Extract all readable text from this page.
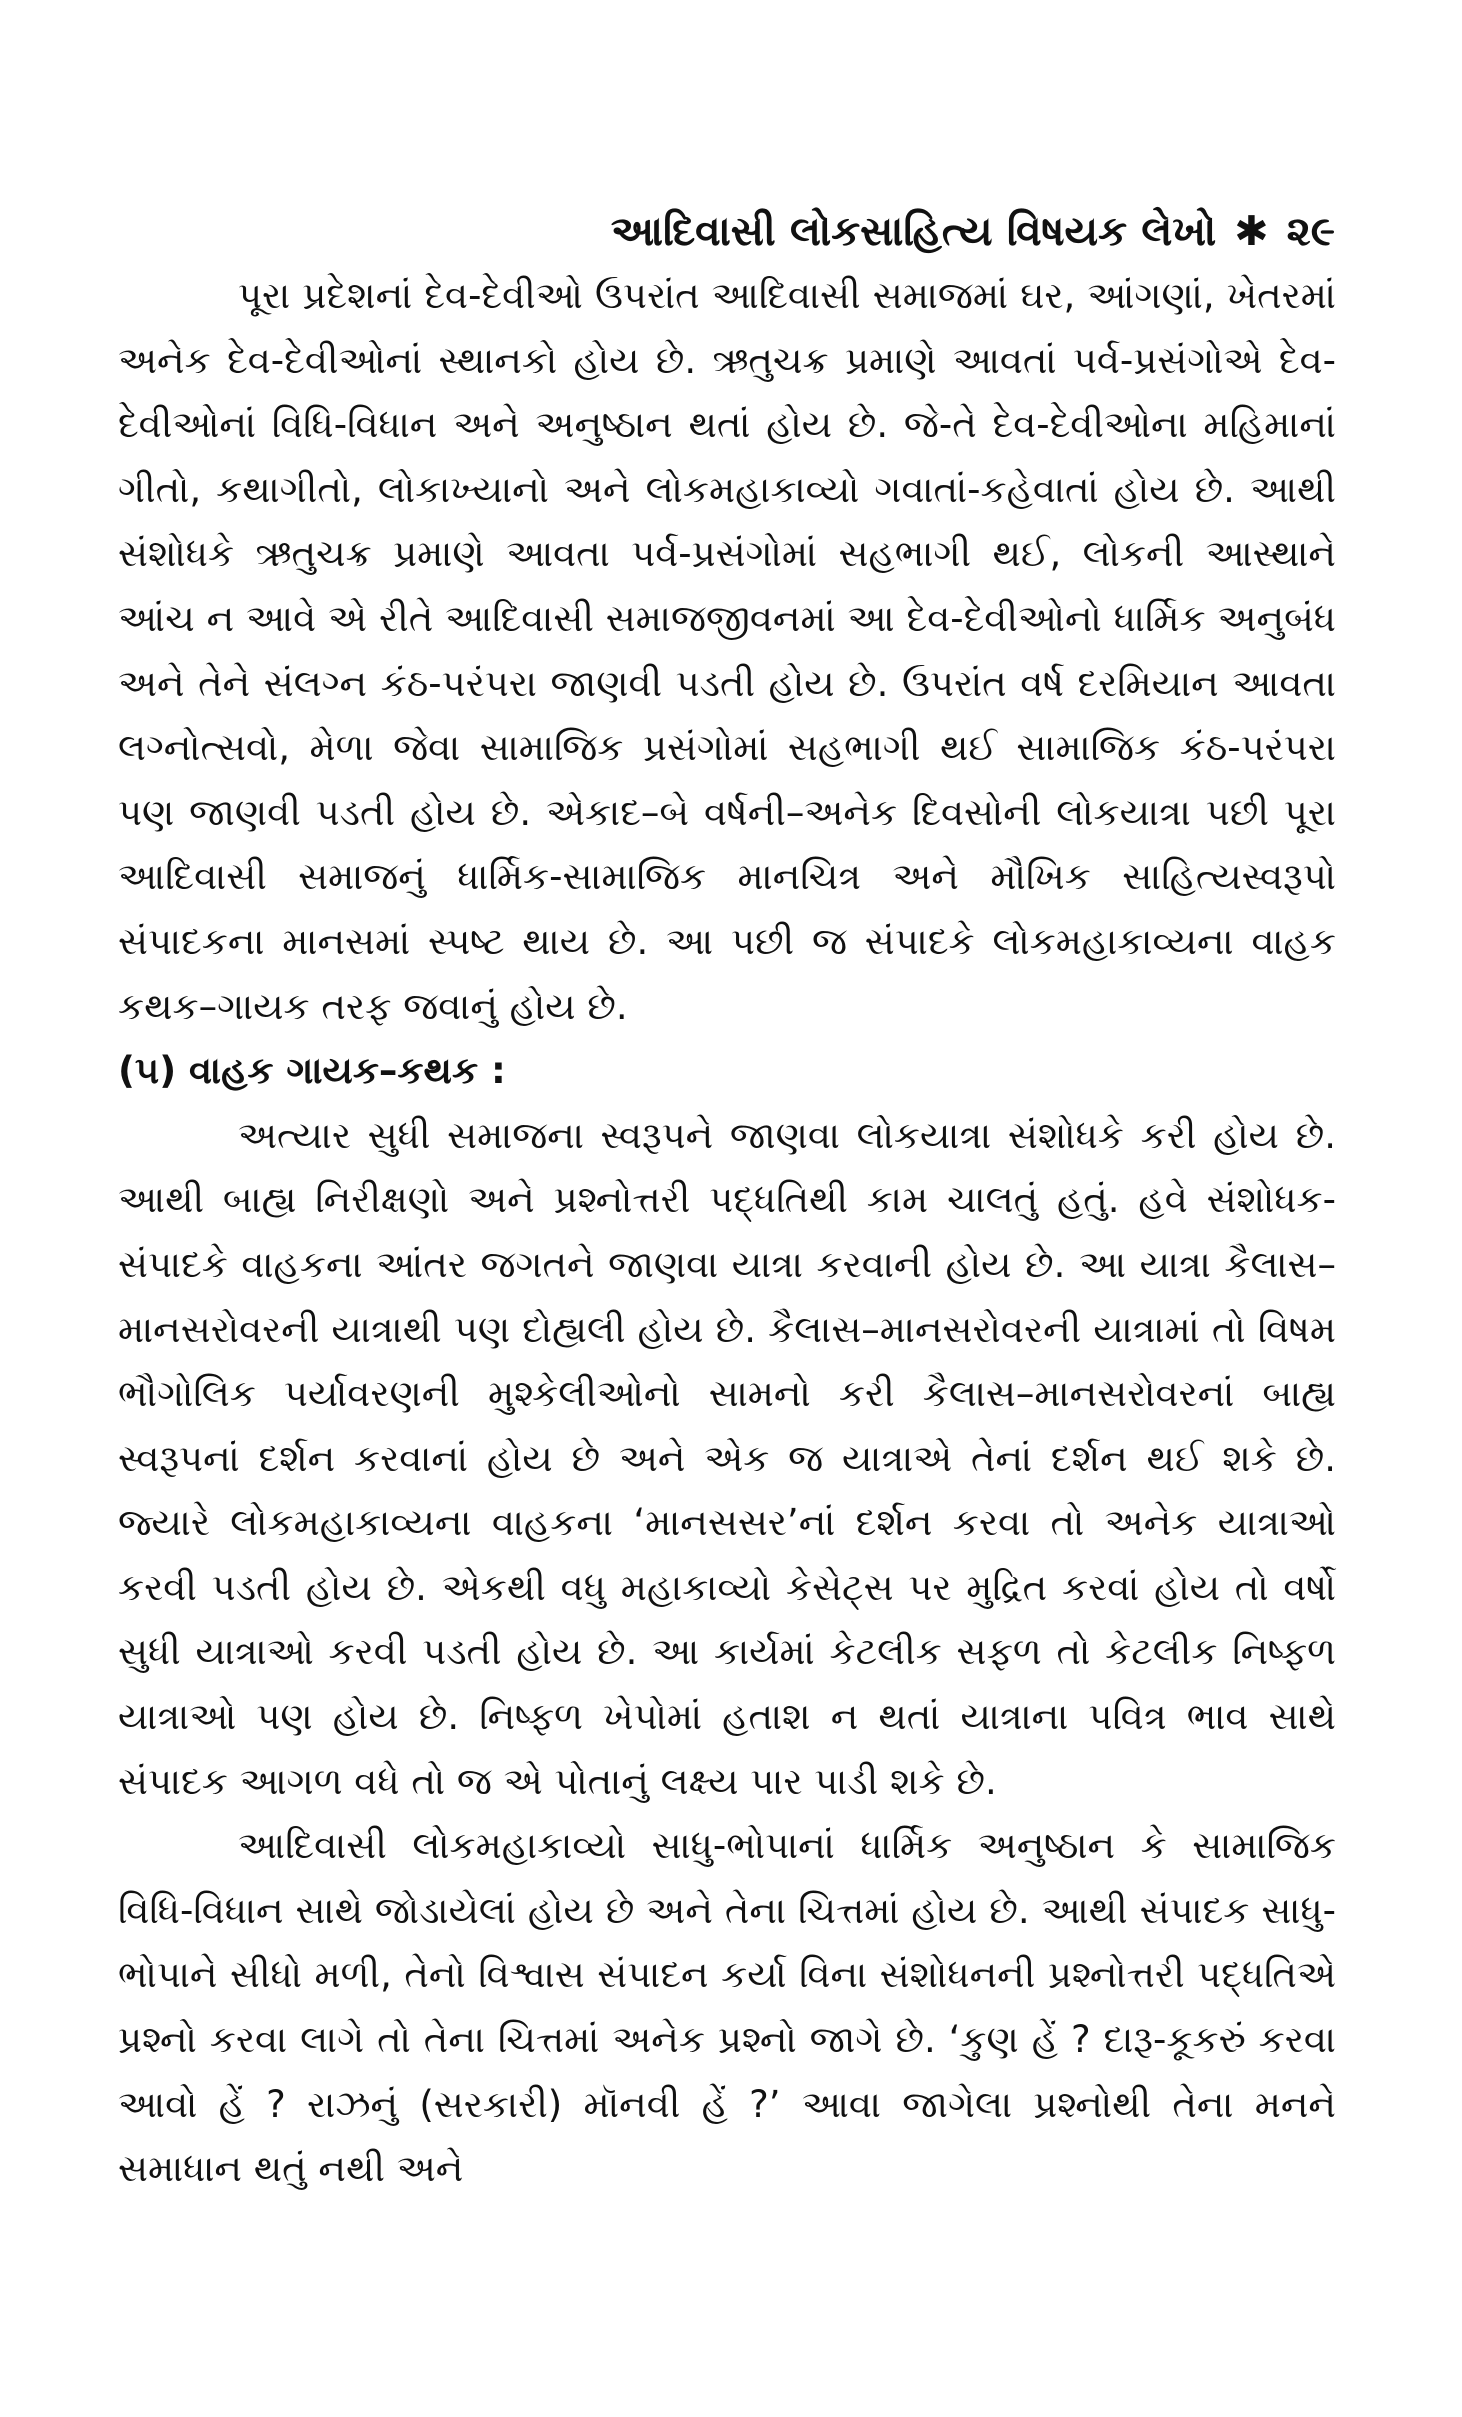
આદિવાસી લોકસાહિત્ય વિષયક લેખો ✱ ૨૯

પૂરા પ્રદેશનાં દેવ-દેવીઓ ઉપરાંત આદિવાસી સમાજમાં ઘર, આંગણાં, ખેતરમાં અનેક દેવ-દેવીઓનાં સ્થાનકો હોય છે. ઋતુચક્ર પ્રમાણે આવતાં પર્વ-પ્રસંગોએ દેવ-દેવીઓનાં વિધિ-વિધાન અને અનુષ્ઠાન થતાં હોય છે. જે-તે દેવ-દેવીઓના મહિમાનાં ગીતો, કથાગીતો, લોકાખ્યાનો અને લોકમહાકાવ્યો ગવાતાં-કહેવાતાં હોય છે. આથી સંશોધકે ઋતુચક્ર પ્રમાણે આવતા પર્વ-પ્રસંગોમાં સહભાગી થઈ, લોકની આસ્થાને આંચ ન આવે એ રીતે આદિવાસી સમાજજીવનમાં આ દેવ-દેવીઓનો ધાર્મિક અનુબંધ અને તેને સંલગ્ન કંઠ-પરંપરા જાણવી પડતી હોય છે. ઉપરાંત વર્ષ દરમિયાન આવતા લગ્નોત્સવો, મેળા જેવા સામાજિક પ્રસંગોમાં સહભાગી થઈ સામાજિક કંઠ-પરંપરા પણ જાણવી પડતી હોય છે. એકાદ–બે વર્ષની–અનેક દિવસોની લોકયાત્રા પછી પૂરા આદિવાસી સમાજનું ધાર્મિક-સામાજિક માનચિત્ર અને મૌખિક સાહિત્યસ્વરૂપો સંપાદકના માનસમાં સ્પષ્ટ થાય છે. આ પછી જ સંપાદકે લોકમહાકાવ્યના વાહક કથક–ગાયક તરફ જવાનું હોય છે.

(૫) વાહક ગાયક–કથક :

અત્યાર સુધી સમાજના સ્વરૂપને જાણવા લોકયાત્રા સંશોધકે કરી હોય છે. આથી બાહ્ય નિરીક્ષણો અને પ્રશ્નોત્તરી પદ્ધતિથી કામ ચાલતું હતું. હવે સંશોધક-સંપાદકે વાહકના આંતર જગતને જાણવા યાત્રા કરવાની હોય છે. આ યાત્રા કૈલાસ–માનસરોવરની યાત્રાથી પણ દોહ્યલી હોય છે. કૈલાસ–માનસરોવરની યાત્રામાં તો વિષમ ભૌગોલિક પર્યાવરણની મુશ્કેલીઓનો સામનો કરી કૈલાસ–માનસરોવરનાં બાહ્ય સ્વરૂપનાં દર્શન કરવાનાં હોય છે અને એક જ યાત્રાએ તેનાં દર્શન થઈ શકે છે. જ્યારે લોકમહાકાવ્યના વાહકના ‘માનસસર’નાં દર્શન કરવા તો અનેક યાત્રાઓ કરવી પડતી હોય છે. એકથી વધુ મહાકાવ્યો કેસેટ્સ પર મુદ્રિત કરવાં હોય તો વર્ષો સુધી યાત્રાઓ કરવી પડતી હોય છે. આ કાર્યમાં કેટલીક સફળ તો કેટલીક નિષ્ફળ યાત્રાઓ પણ હોય છે. નિષ્ફળ ખેપોમાં હતાશ ન થતાં યાત્રાના પવિત્ર ભાવ સાથે સંપાદક આગળ વધે તો જ એ પોતાનું લક્ષ્ય પાર પાડી શકે છે.

આદિવાસી લોકમહાકાવ્યો સાધુ-ભોપાનાં ધાર્મિક અનુષ્ઠાન કે સામાજિક વિધિ-વિધાન સાથે જોડાયેલાં હોય છે અને તેના ચિત્તમાં હોય છે. આથી સંપાદક સાધુ-ભોપાને સીધો મળી, તેનો વિશ્વાસ સંપાદન કર્યા વિના સંશોધનની પ્રશ્નોત્તરી પદ્ધતિએ પ્રશ્નો કરવા લાગે તો તેના ચિત્તમાં અનેક પ્રશ્નો જાગે છે. ‘કુણ હેં ? દારૂ-કૂકરું કરવા આવો હેં ? રાઝનું (સરકારી) મૉનવી હેં ?’ આવા જાગેલા પ્રશ્નોથી તેના મનને સમાધાન થતું નથી અને
